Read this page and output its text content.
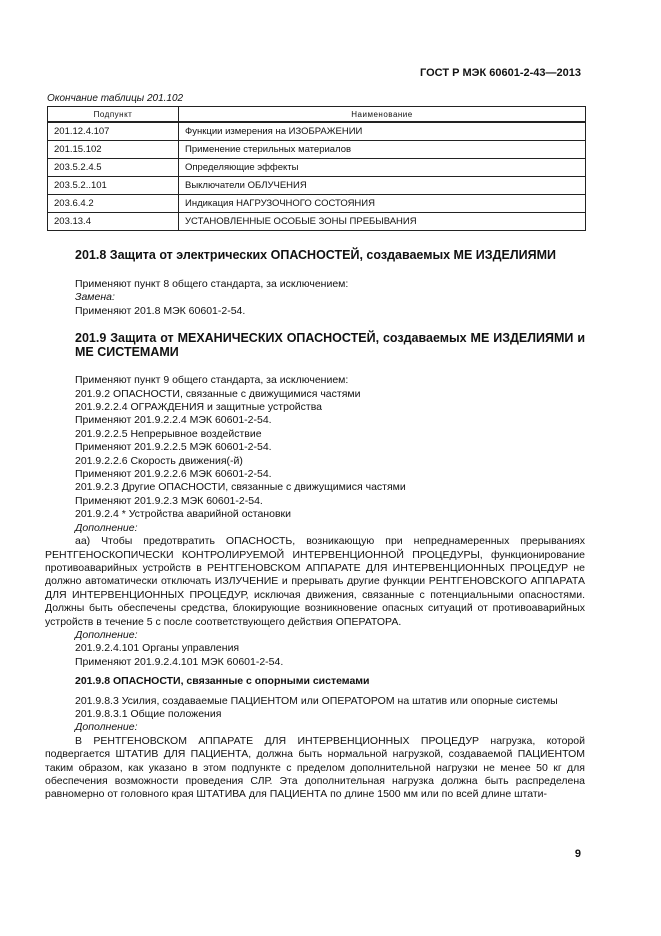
ГОСТ Р МЭК 60601-2-43—2013
Окончание таблицы 201.102
Подпункт	Наименование
201.12.4.107	Функции измерения на ИЗОБРАЖЕНИИ
201.15.102	Применение стерильных материалов
203.5.2.4.5	Определяющие эффекты
203.5.2..101	Выключатели ОБЛУЧЕНИЯ
203.6.4.2	Индикация НАГРУЗОЧНОГО СОСТОЯНИЯ
203.13.4	УСТАНОВЛЕННЫЕ ОСОБЫЕ ЗОНЫ ПРЕБЫВАНИЯ
201.8 Защита от электрических ОПАСНОСТЕЙ, создаваемых МЕ ИЗДЕЛИЯМИ

Применяют пункт 8 общего стандарта, за исключением:

Замена:

Применяют 201.8 МЭК 60601-2-54.

201.9 Защита от МЕХАНИЧЕСКИХ ОПАСНОСТЕЙ, создаваемых МЕ ИЗДЕЛИЯМИ и МЕ СИСТЕМАМИ

Применяют пункт 9 общего стандарта, за исключением:

201.9.2 ОПАСНОСТИ, связанные с движущимися частями

201.9.2.2.4 ОГРАЖДЕНИЯ и защитные устройства

Применяют 201.9.2.2.4 МЭК 60601-2-54.

201.9.2.2.5 Непрерывное воздействие

Применяют 201.9.2.2.5 МЭК 60601-2-54.

201.9.2.2.6 Скорость движения(-й)

Применяют 201.9.2.2.6 МЭК 60601-2-54.

201.9.2.3 Другие ОПАСНОСТИ, связанные с движущимися частями

Применяют 201.9.2.3 МЭК 60601-2-54.

201.9.2.4 * Устройства аварийной остановки

Дополнение:

аа) Чтобы предотвратить ОПАСНОСТЬ, возникающую при непреднамеренных прерываниях РЕНТГЕНОСКОПИЧЕСКИ КОНТРОЛИРУЕМОЙ ИНТЕРВЕНЦИОННОЙ ПРОЦЕДУРЫ, функционирование противоаварийных устройств в РЕНТГЕНОВСКОМ АППАРАТЕ ДЛЯ ИНТЕРВЕНЦИОННЫХ ПРОЦЕДУР не должно автоматически отключать ИЗЛУЧЕНИЕ и прерывать другие функции РЕНТГЕНОВСКОГО АППАРАТА ДЛЯ ИНТЕРВЕНЦИОННЫХ ПРОЦЕДУР, исключая движения, связанные с потенциальными опасностями. Должны быть обеспечены средства, блокирующие возникновение опасных ситуаций от противоаварийных устройств в течение 5 с после соответствующего действия ОПЕРАТОРА.

Дополнение:

201.9.2.4.101 Органы управления

Применяют 201.9.2.4.101 МЭК 60601-2-54.

201.9.8 ОПАСНОСТИ, связанные с опорными системами

201.9.8.3 Усилия, создаваемые ПАЦИЕНТОМ или ОПЕРАТОРОМ на штатив или опорные системы

201.9.8.3.1 Общие положения

Дополнение:

В РЕНТГЕНОВСКОМ АППАРАТЕ ДЛЯ ИНТЕРВЕНЦИОННЫХ ПРОЦЕДУР нагрузка, которой подвергается ШТАТИВ ДЛЯ ПАЦИЕНТА, должна быть нормальной нагрузкой, создаваемой ПАЦИЕНТОМ таким образом, как указано в этом подпункте с пределом дополнительной нагрузки не менее 50 кг для обеспечения возможности проведения СЛР. Эта дополнительная нагрузка должна быть распределена равномерно от головного края ШТАТИВА для ПАЦИЕНТА по длине 1500 мм или по всей длине штати-

9
